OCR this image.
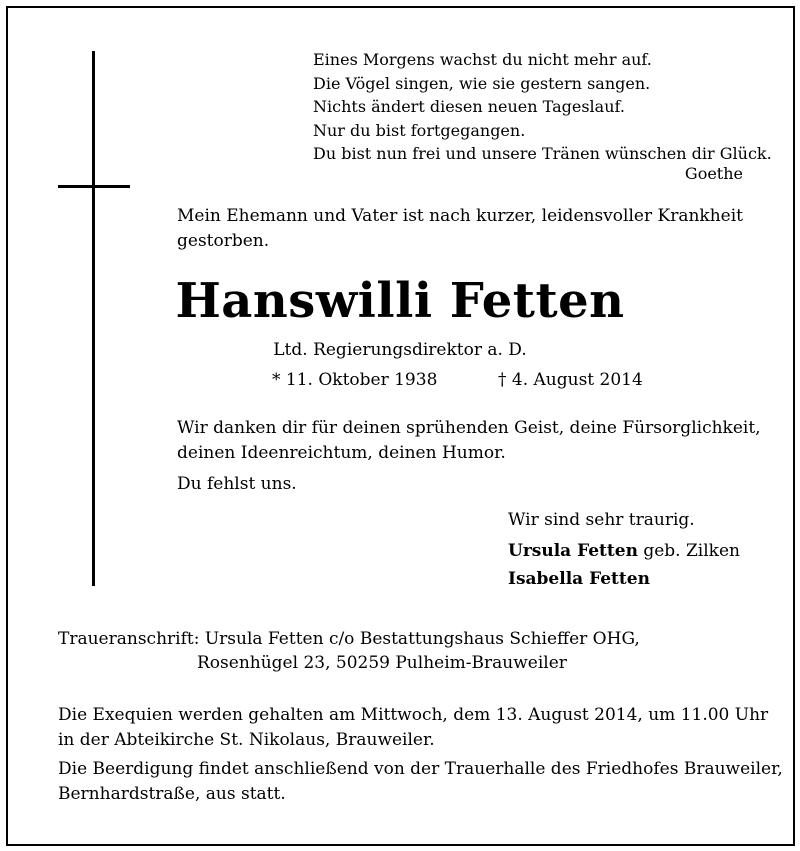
Eines Morgens wachst du nicht mehr auf.
Die Vögel singen, wie sie gestern sangen.
Nichts ändert diesen neuen Tageslauf.
Nur du bist fortgegangen.
Du bist nun frei und unsere Tränen wünschen dir Glück.
Goethe
Mein Ehemann und Vater ist nach kurzer, leidensvoller Krankheit gestorben.
Hanswilli Fetten
Ltd. Regierungsdirektor a. D.
* 11. Oktober 1938	† 4. August 2014
Wir danken dir für deinen sprühenden Geist, deine Fürsorglichkeit,
deinen Ideenreichtum, deinen Humor.
Du fehlst uns.
Wir sind sehr traurig.
Ursula Fetten geb. Zilken
Isabella Fetten
Traueranschrift: Ursula Fetten c/o Bestattungshaus Schieffer OHG,
Rosenhügel 23, 50259 Pulheim-Brauweiler
Die Exequien werden gehalten am Mittwoch, dem 13. August 2014, um 11.00 Uhr
in der Abteikirche St. Nikolaus, Brauweiler.
Die Beerdigung findet anschließend von der Trauerhalle des Friedhofes Brauweiler,
Bernhardstraße, aus statt.
